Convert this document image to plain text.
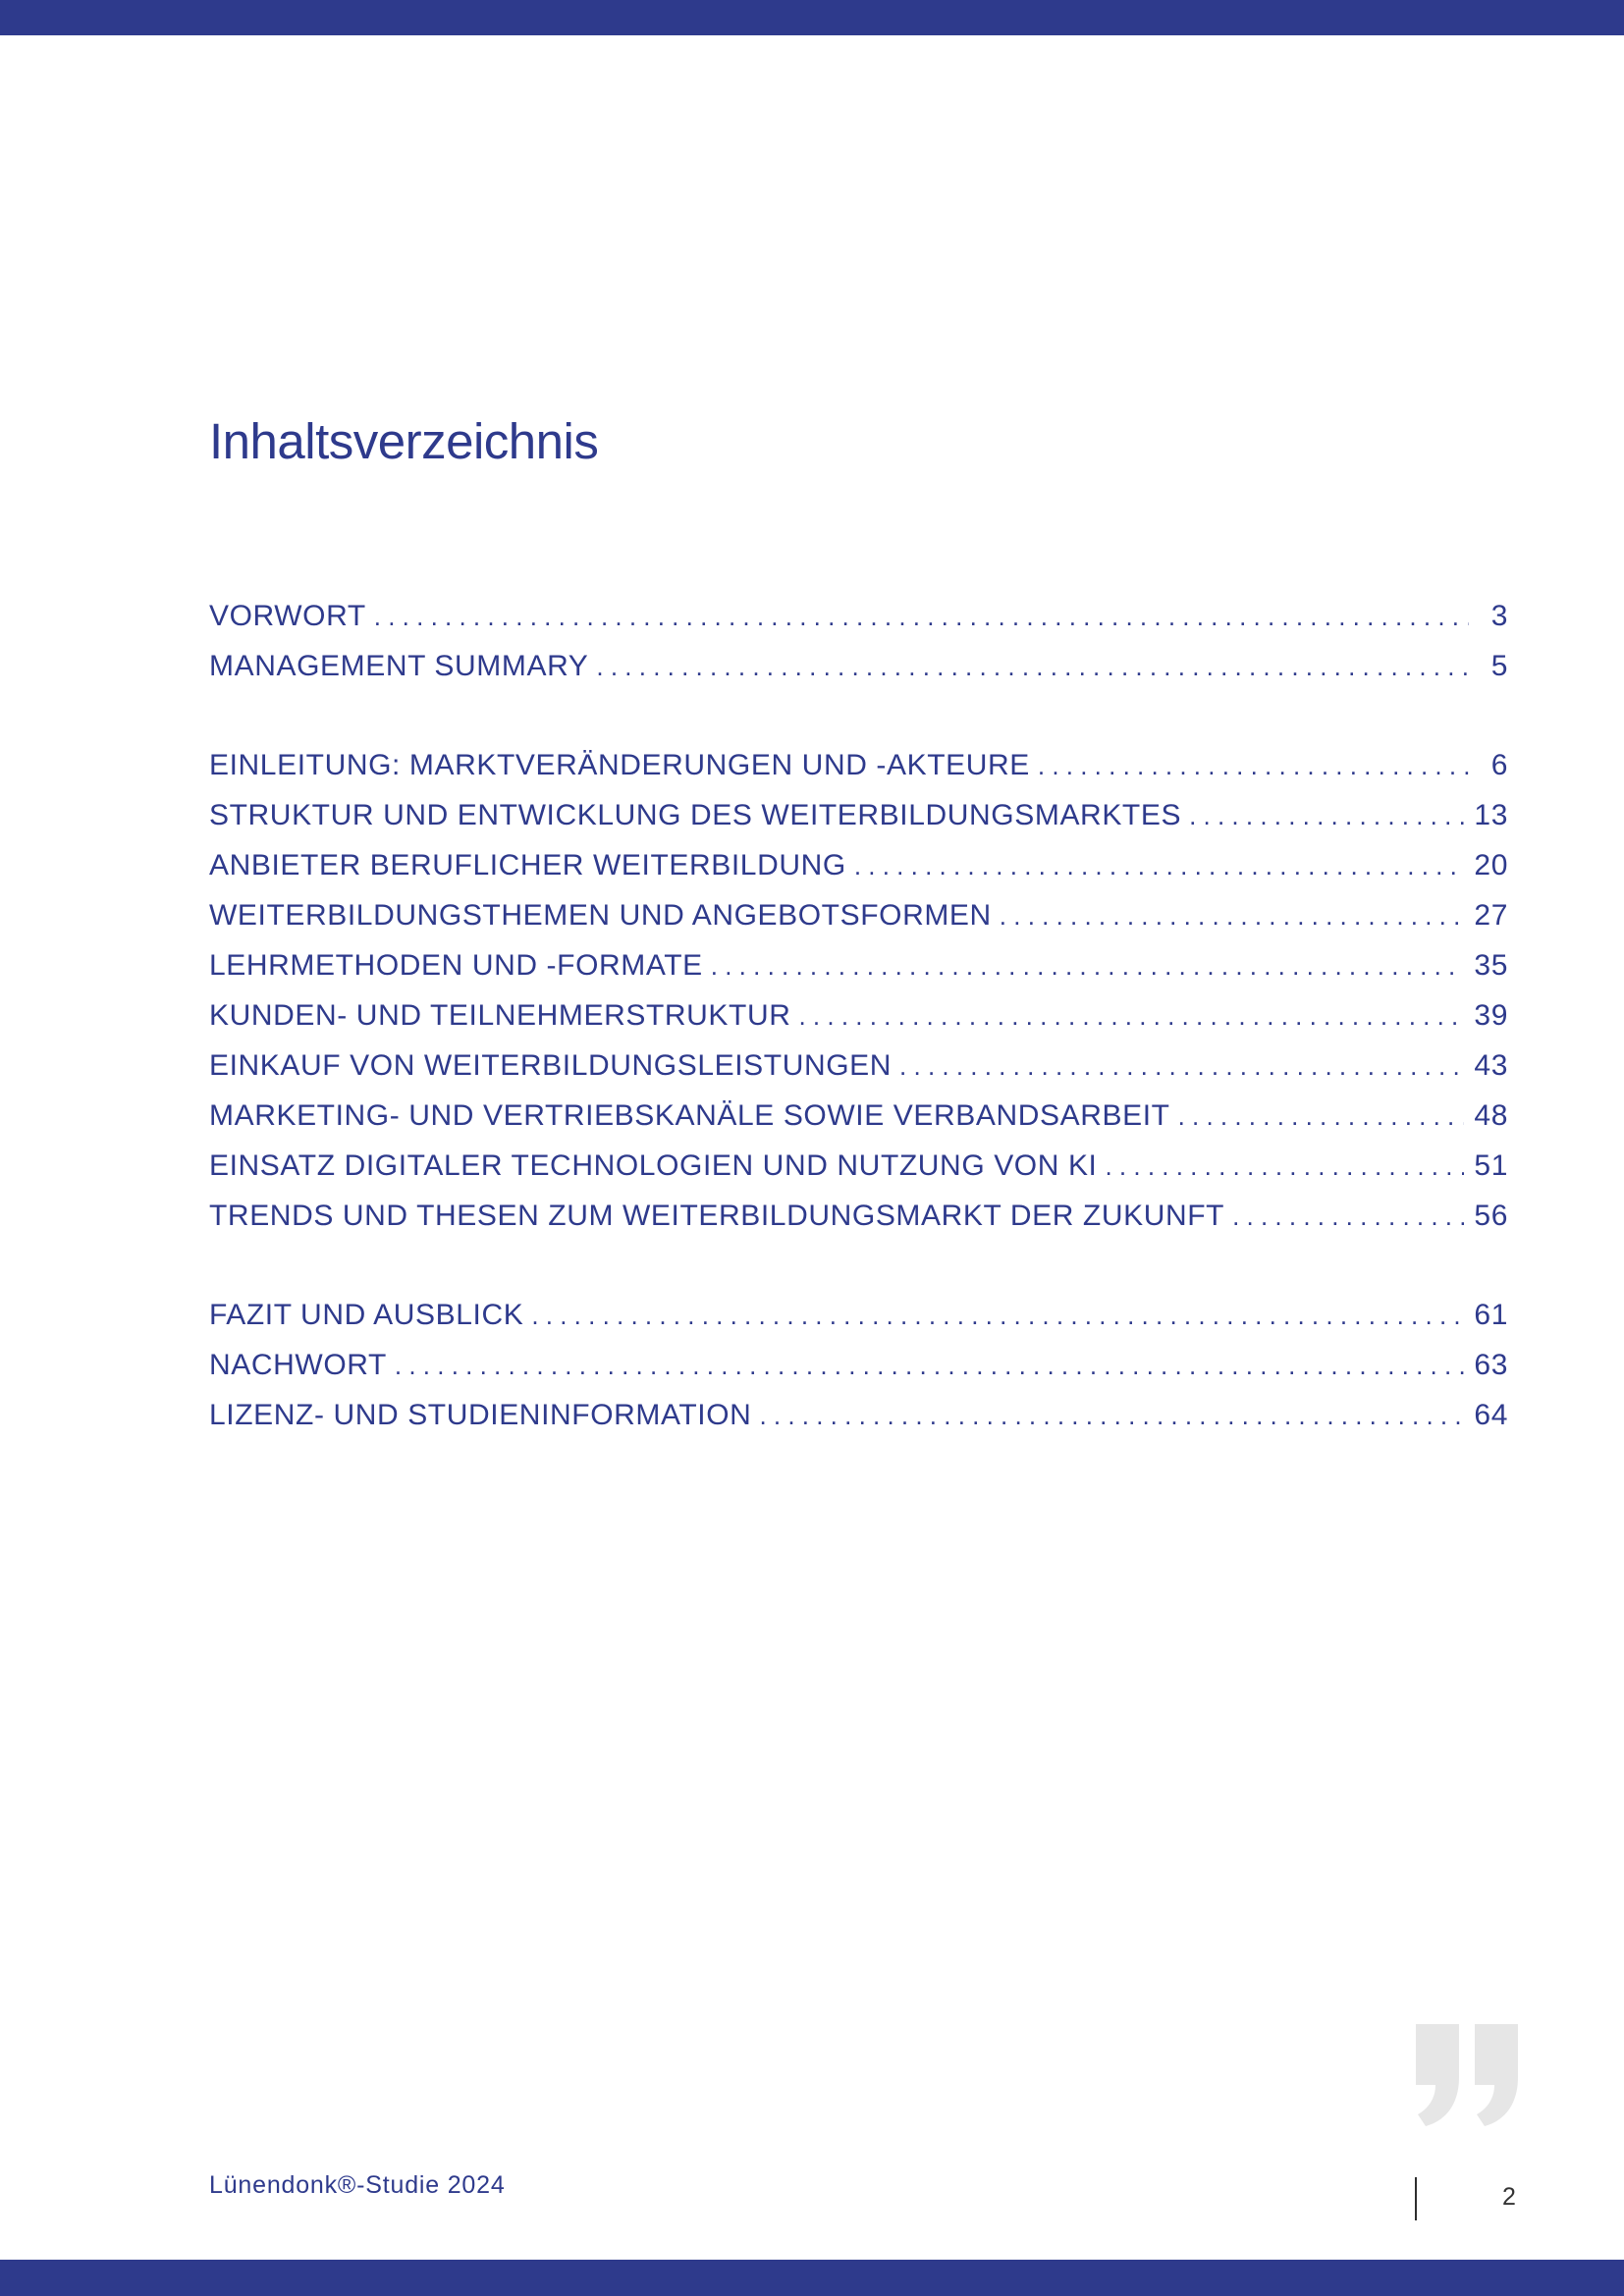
Inhaltsverzeichnis
VORWORT . . .	3
MANAGEMENT SUMMARY . . .	5
EINLEITUNG: MARKTVERÄNDERUNGEN UND -AKTEURE . . .	6
STRUKTUR UND ENTWICKLUNG DES WEITERBILDUNGSMARKTES . . .	13
ANBIETER BERUFLICHER WEITERBILDUNG . . .	20
WEITERBILDUNGSTHEMEN UND ANGEBOTSFORMEN . . .	27
LEHRMETHODEN UND -FORMATE . . .	35
KUNDEN- UND TEILNEHMERSTRUKTUR . . .	39
EINKAUF VON WEITERBILDUNGSLEISTUNGEN . . .	43
MARKETING- UND VERTRIEBSKANÄLE SOWIE VERBANDSARBEIT . . .	48
EINSATZ DIGITALER TECHNOLOGIEN UND NUTZUNG VON KI . . .	51
TRENDS UND THESEN ZUM WEITERBILDUNGSMARKT DER ZUKUNFT . . .	56
FAZIT UND AUSBLICK . . .	61
NACHWORT . . .	63
LIZENZ- UND STUDIENINFORMATION . . .	64
Lünendonk®-Studie 2024	2
